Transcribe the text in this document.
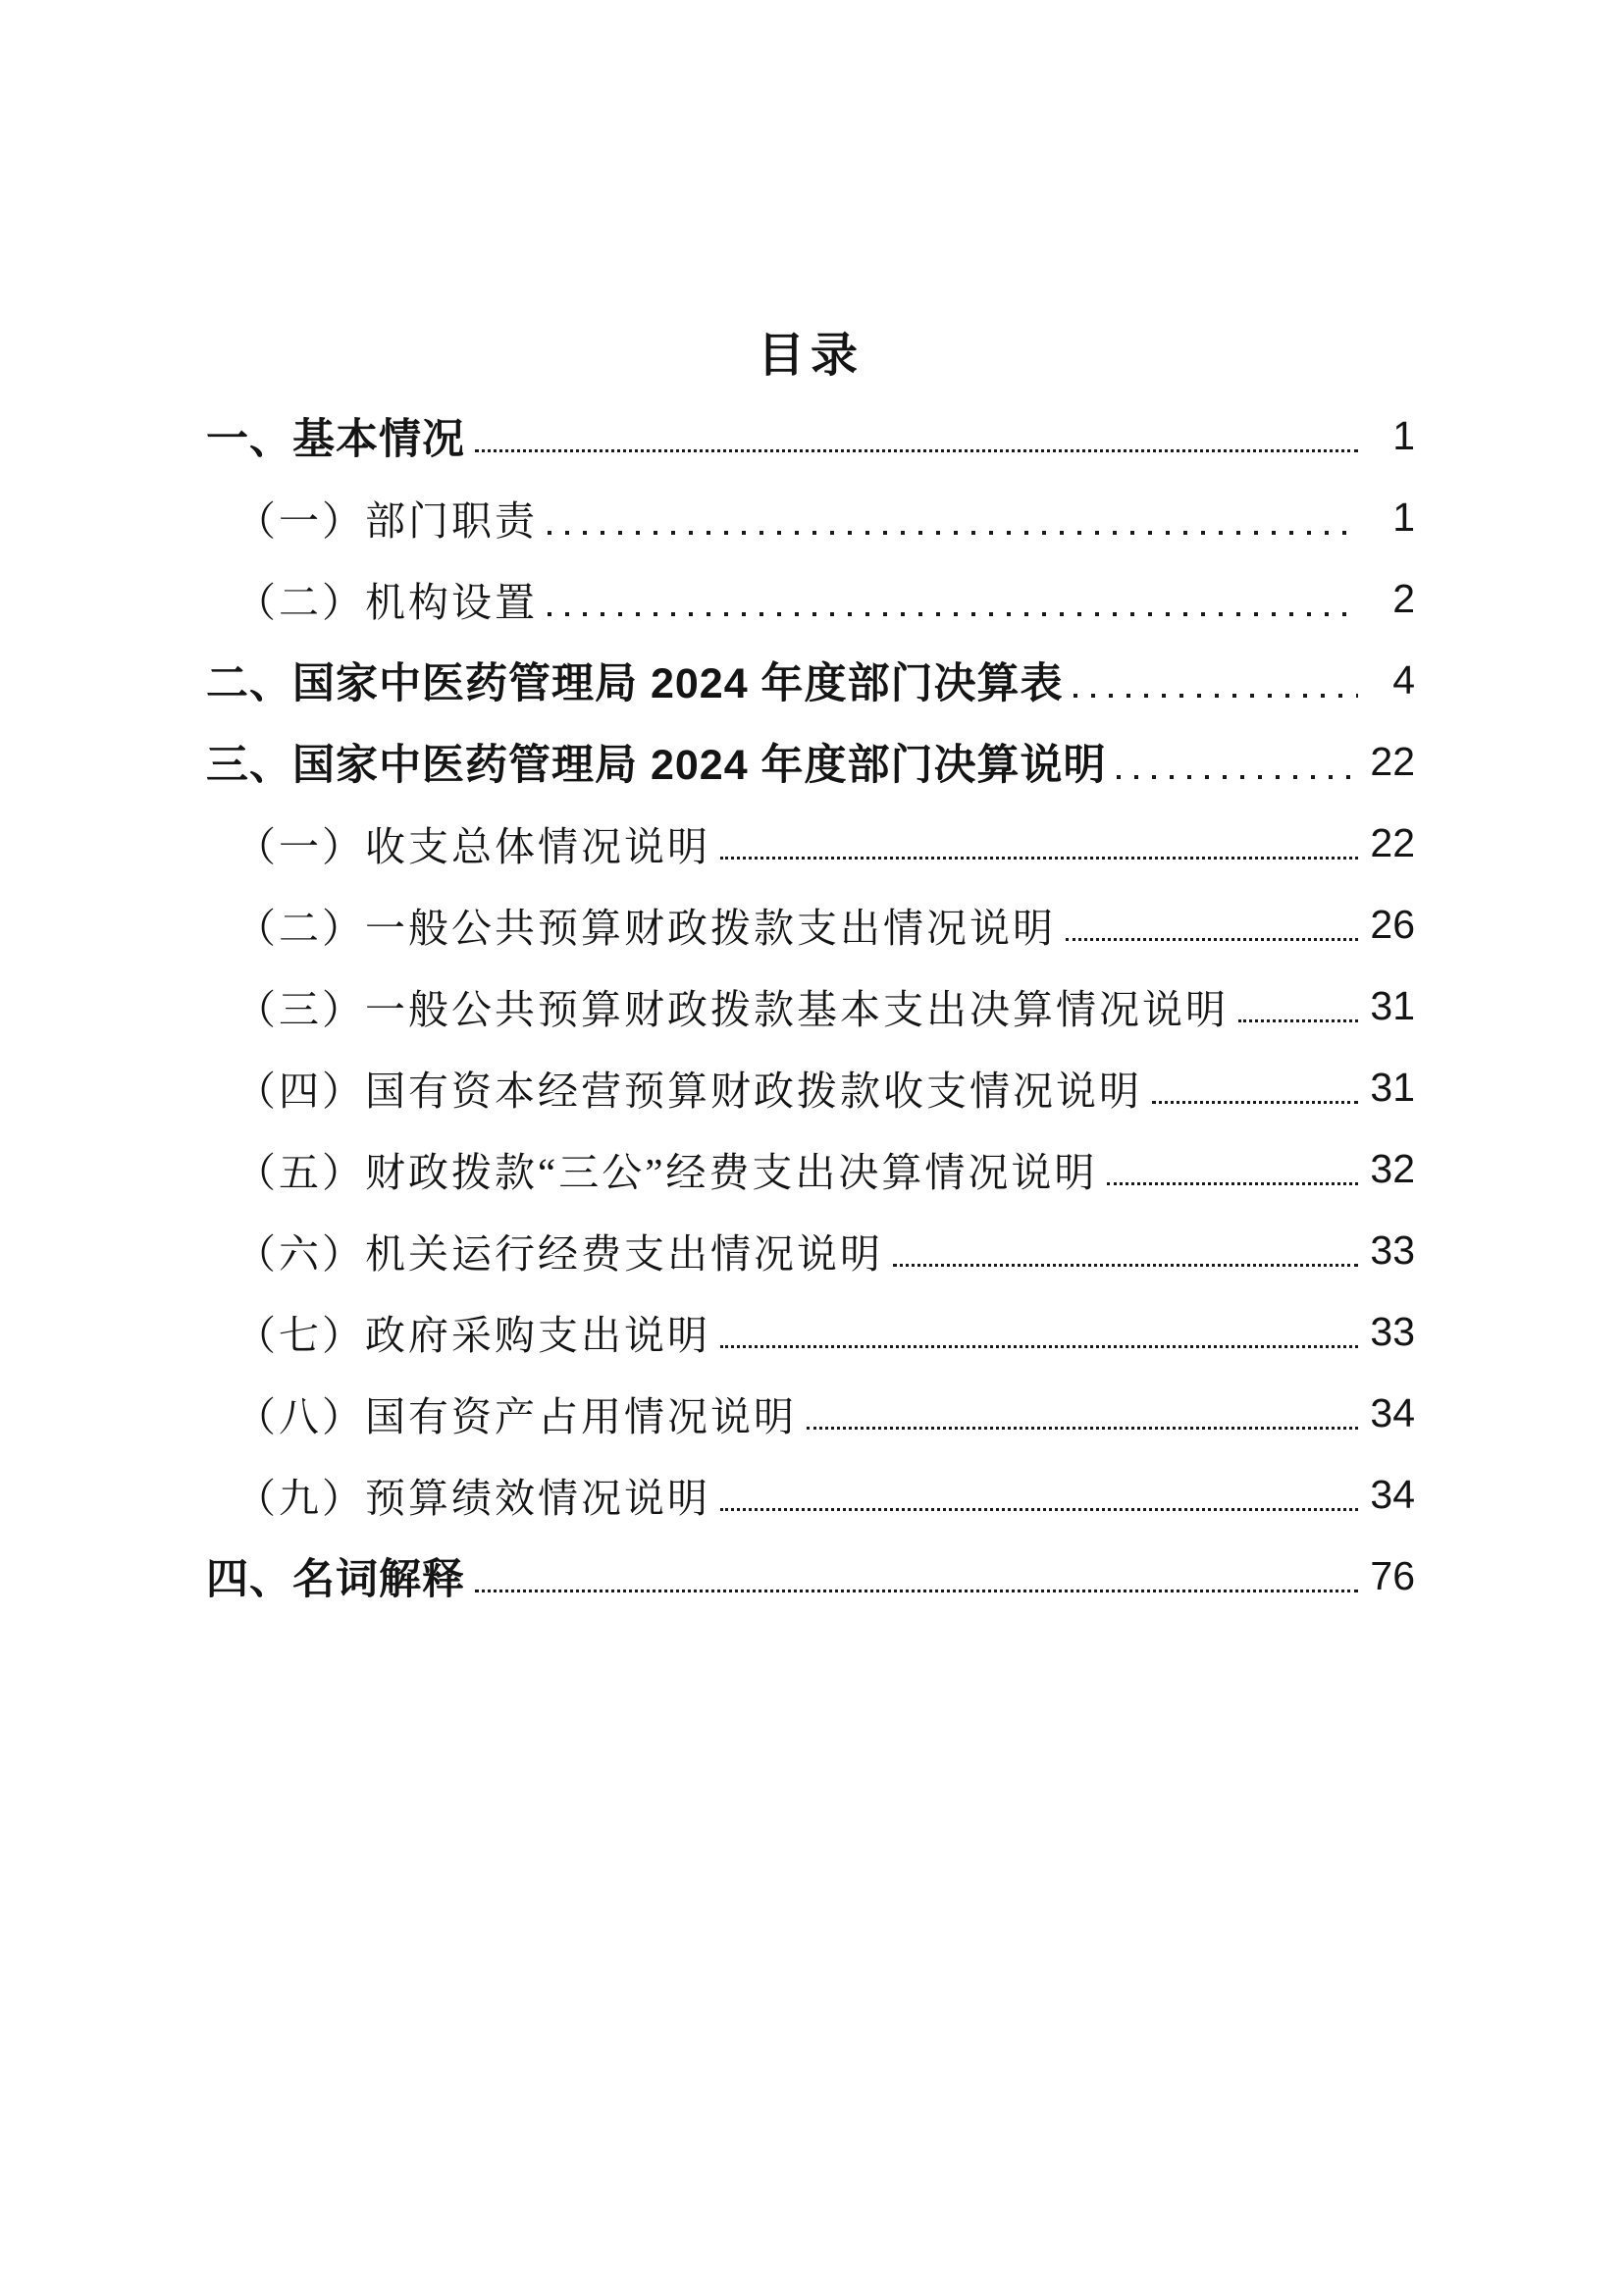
目录
一、基本情况	1
（一）部门职责	1
（二）机构设置	2
二、国家中医药管理局 2024 年度部门决算表	4
三、国家中医药管理局 2024 年度部门决算说明	22
（一）收支总体情况说明	22
（二）一般公共预算财政拨款支出情况说明	26
（三）一般公共预算财政拨款基本支出决算情况说明	31
（四）国有资本经营预算财政拨款收支情况说明	31
（五）财政拨款“三公”经费支出决算情况说明	32
（六）机关运行经费支出情况说明	33
（七）政府采购支出说明	33
（八）国有资产占用情况说明	34
（九）预算绩效情况说明	34
四、名词解释	76
